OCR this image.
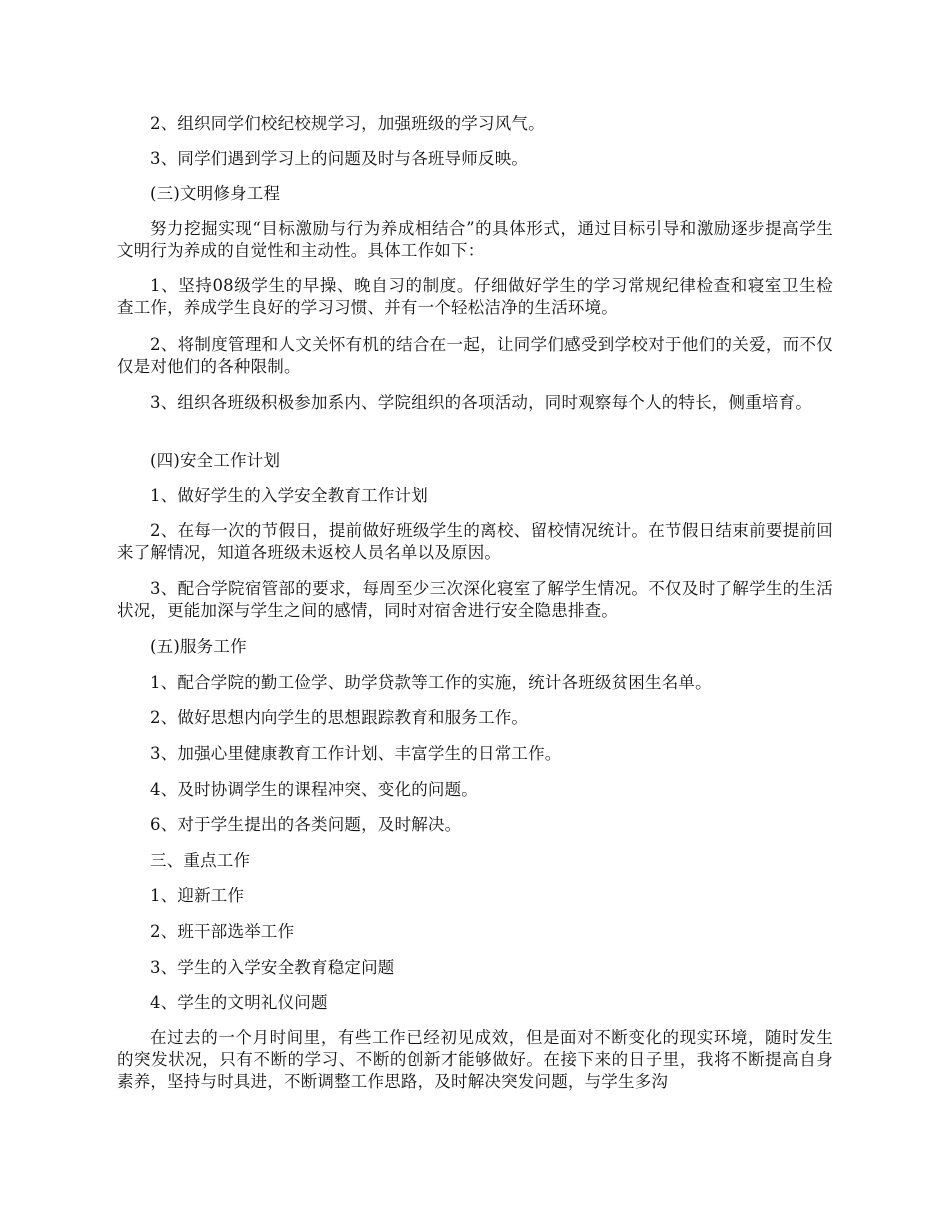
2、组织同学们校纪校规学习，加强班级的学习风气。

3、同学们遇到学习上的问题及时与各班导师反映。

(三)文明修身工程

努力挖掘实现“目标激励与行为养成相结合”的具体形式，通过目标引导和激励逐步提高学生文明行为养成的自觉性和主动性。具体工作如下：

1、坚持08级学生的早操、晚自习的制度。仔细做好学生的学习常规纪律检查和寝室卫生检查工作，养成学生良好的学习习惯、并有一个轻松洁净的生活环境。

2、将制度管理和人文关怀有机的结合在一起，让同学们感受到学校对于他们的关爱，而不仅仅是对他们的各种限制。

3、组织各班级积极参加系内、学院组织的各项活动，同时观察每个人的特长，侧重培育。

(四)安全工作计划

1、做好学生的入学安全教育工作计划

2、在每一次的节假日，提前做好班级学生的离校、留校情况统计。在节假日结束前要提前回来了解情况，知道各班级未返校人员名单以及原因。

3、配合学院宿管部的要求，每周至少三次深化寝室了解学生情况。不仅及时了解学生的生活状况，更能加深与学生之间的感情，同时对宿舍进行安全隐患排查。

(五)服务工作

1、配合学院的勤工俭学、助学贷款等工作的实施，统计各班级贫困生名单。

2、做好思想内向学生的思想跟踪教育和服务工作。

3、加强心里健康教育工作计划、丰富学生的日常工作。

4、及时协调学生的课程冲突、变化的问题。

6、对于学生提出的各类问题，及时解决。

三、重点工作

1、迎新工作

2、班干部选举工作

3、学生的入学安全教育稳定问题

4、学生的文明礼仪问题

在过去的一个月时间里，有些工作已经初见成效，但是面对不断变化的现实环境，随时发生的突发状况，只有不断的学习、不断的创新才能够做好。在接下来的日子里，我将不断提高自身素养，坚持与时具进，不断调整工作思路，及时解决突发问题，与学生多沟
